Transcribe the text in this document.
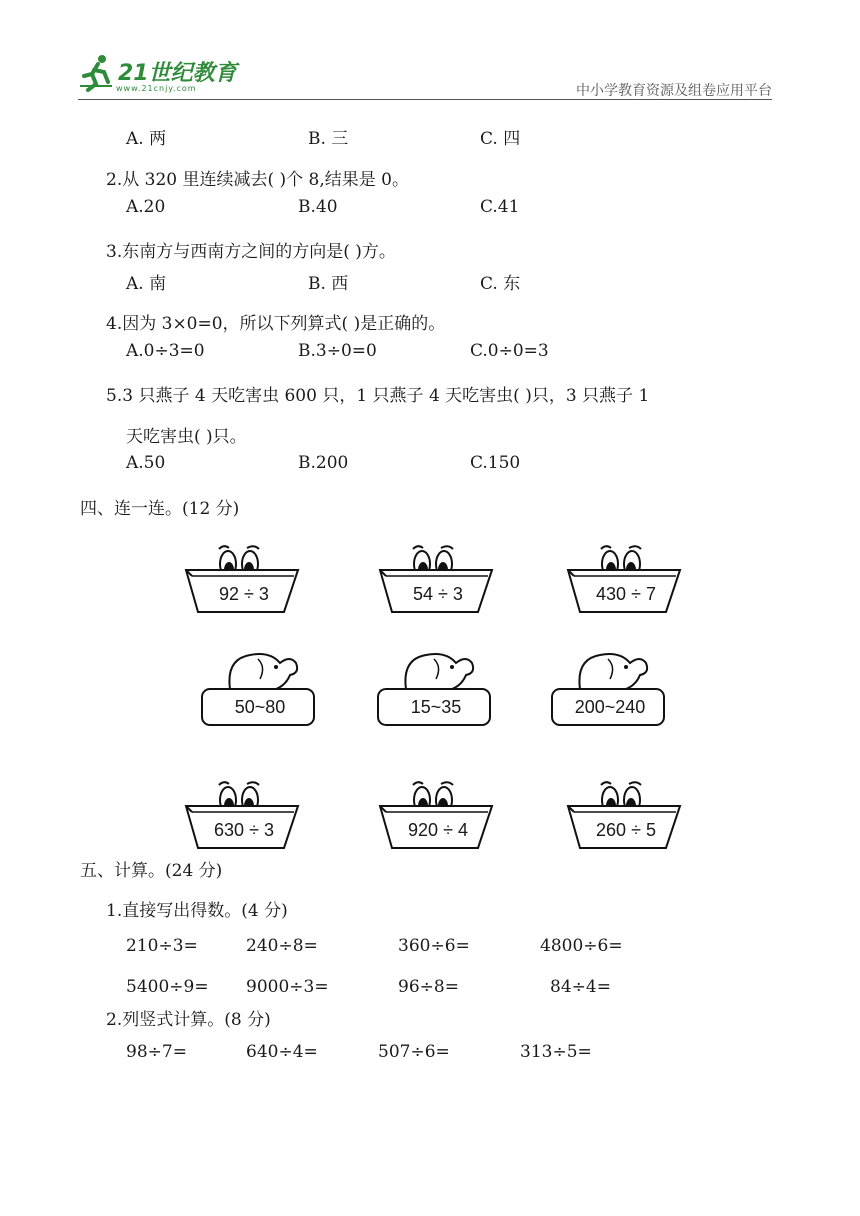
21世纪教育
www.21cnjy.com	中小学教育资源及组卷应用平台
A. 两	B. 三	C. 四
2.从 320 里连续减去( )个 8,结果是 0。
A.20	B.40	C.41
3.东南方与西南方之间的方向是( )方。
A. 南	B. 西	C. 东
4.因为 3×0=0，所以下列算式( )是正确的。
A.0÷3=0	B.3÷0=0	C.0÷0=3
5.3 只燕子 4 天吃害虫 600 只，1 只燕子 4 天吃害虫( )只，3 只燕子 1
天吃害虫( )只。
A.50	B.200	C.150
四、连一连。(12 分)
92 ÷ 3	54 ÷ 3	430 ÷ 7
50~80	15~35	200~240
630 ÷ 3	920 ÷ 4	260 ÷ 5
五、计算。(24 分)
1.直接写出得数。(4 分)
210÷3=	240÷8=	360÷6=	4800÷6=
5400÷9= 9000÷3=	96÷8=	84÷4=
2.列竖式计算。(8 分)
98÷7=	640÷4=	507÷6=	313÷5=
